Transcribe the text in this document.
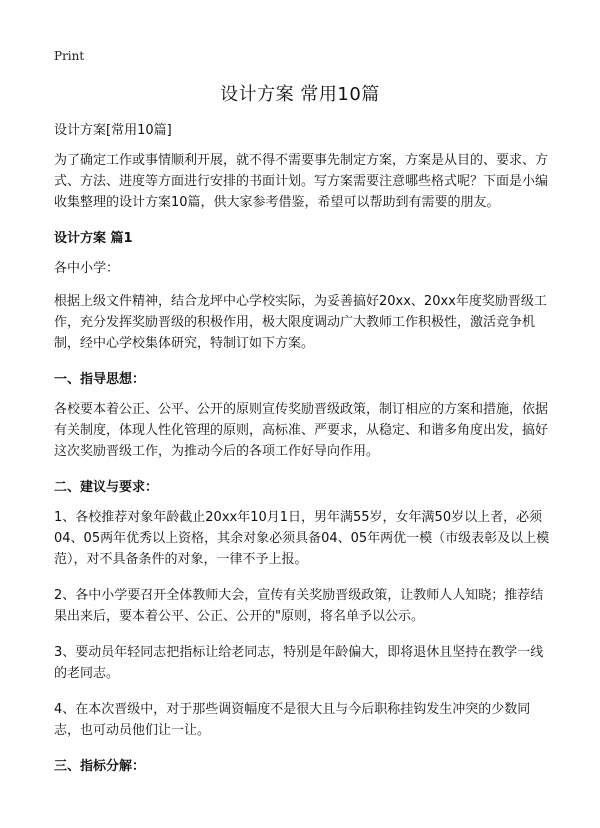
Print
设计方案 常用10篇

设计方案[常用10篇]

为了确定工作或事情顺利开展，就不得不需要事先制定方案，方案是从目的、要求、方式、方法、进度等方面进行安排的书面计划。写方案需要注意哪些格式呢？下面是小编收集整理的设计方案10篇，供大家参考借鉴，希望可以帮助到有需要的朋友。

设计方案 篇1

各中小学：

根据上级文件精神，结合龙坪中心学校实际，为妥善搞好20xx、20xx年度奖励晋级工作，充分发挥奖励晋级的积极作用，极大限度调动广大教师工作积极性，激活竞争机制，经中心学校集体研究，特制订如下方案。

一、指导思想：

各校要本着公正、公平、公开的原则宣传奖励晋级政策，制订相应的方案和措施，依据有关制度，体现人性化管理的原则，高标准、严要求，从稳定、和谐多角度出发，搞好这次奖励晋级工作，为推动今后的各项工作好导向作用。

二、建议与要求：

1、各校推荐对象年龄截止20xx年10月1日，男年满55岁，女年满50岁以上者，必须04、05两年优秀以上资格，其余对象必须具备04、05年两优一模（市级表彰及以上模范），对不具备条件的对象，一律不予上报。

2、各中小学要召开全体教师大会，宣传有关奖励晋级政策，让教师人人知晓；推荐结果出来后，要本着公平、公正、公开的"原则，将名单予以公示。

3、要动员年轻同志把指标让给老同志，特别是年龄偏大，即将退休且坚持在教学一线的老同志。

4、在本次晋级中，对于那些调资幅度不是很大且与今后职称挂钩发生冲突的少数同志，也可动员他们让一让。

三、指标分解：
